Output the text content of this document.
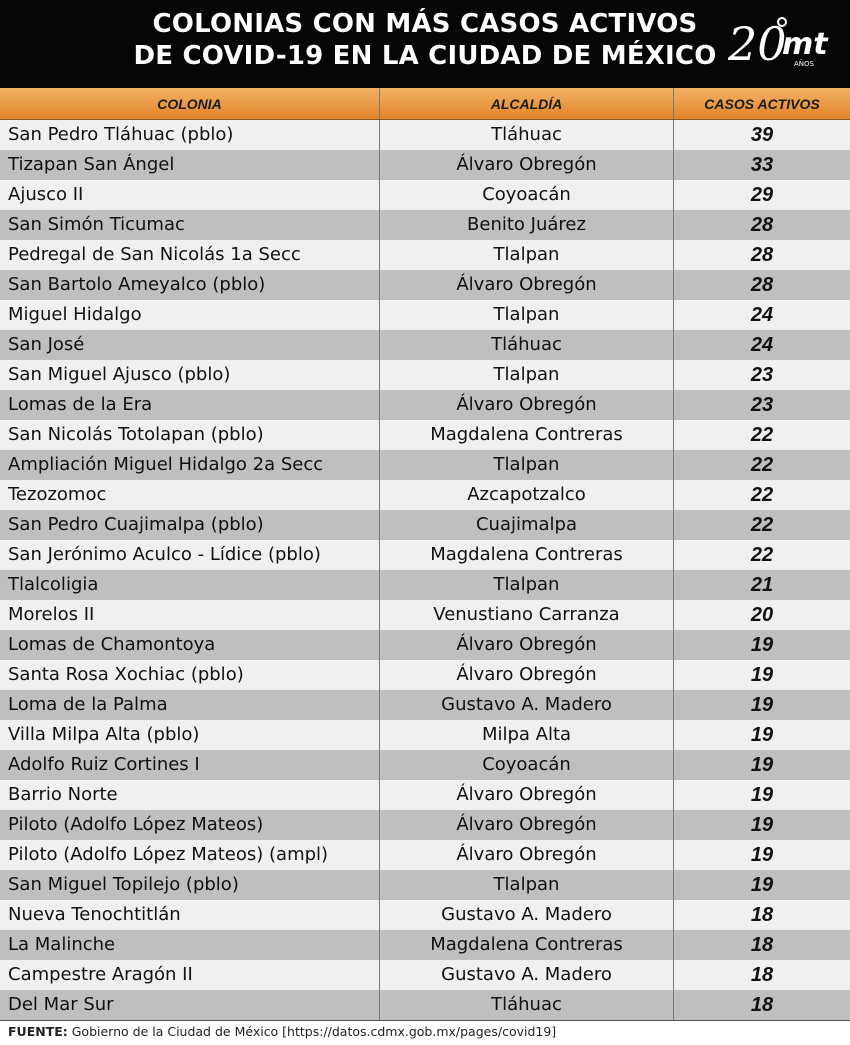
COLONIAS CON MÁS CASOS ACTIVOS
DE COVID-19 EN LA CIUDAD DE MÉXICO 20
mt
AÑOS
COLONIA	ALCALDÍA	CASOS ACTIVOS
San Pedro Tláhuac (pblo)	Tláhuac	39
Tizapan San Ángel	Álvaro Obregón	33
Ajusco II	Coyoacán	29
San Simón Ticumac	Benito Juárez	28
Pedregal de San Nicolás 1a Secc	Tlalpan	28
San Bartolo Ameyalco (pblo)	Álvaro Obregón	28
Miguel Hidalgo	Tlalpan	24
San José	Tláhuac	24
San Miguel Ajusco (pblo)	Tlalpan	23
Lomas de la Era	Álvaro Obregón	23
San Nicolás Totolapan (pblo)	Magdalena Contreras	22
Ampliación Miguel Hidalgo 2a Secc	Tlalpan	22
Tezozomoc	Azcapotzalco	22
San Pedro Cuajimalpa (pblo)	Cuajimalpa	22
San Jerónimo Aculco - Lídice (pblo)	Magdalena Contreras	22
Tlalcoligia	Tlalpan	21
Morelos II	Venustiano Carranza	20
Lomas de Chamontoya	Álvaro Obregón	19
Santa Rosa Xochiac (pblo)	Álvaro Obregón	19
Loma de la Palma	Gustavo A. Madero	19
Villa Milpa Alta (pblo)	Milpa Alta	19
Adolfo Ruiz Cortines I	Coyoacán	19
Barrio Norte	Álvaro Obregón	19
Piloto (Adolfo López Mateos)	Álvaro Obregón	19
Piloto (Adolfo López Mateos) (ampl)	Álvaro Obregón	19
San Miguel Topilejo (pblo)	Tlalpan	19
Nueva Tenochtitlán	Gustavo A. Madero	18
La Malinche	Magdalena Contreras	18
Campestre Aragón II	Gustavo A. Madero	18
Del Mar Sur	Tláhuac	18
FUENTE: Gobierno de la Ciudad de México [https://datos.cdmx.gob.mx/pages/covid19]
